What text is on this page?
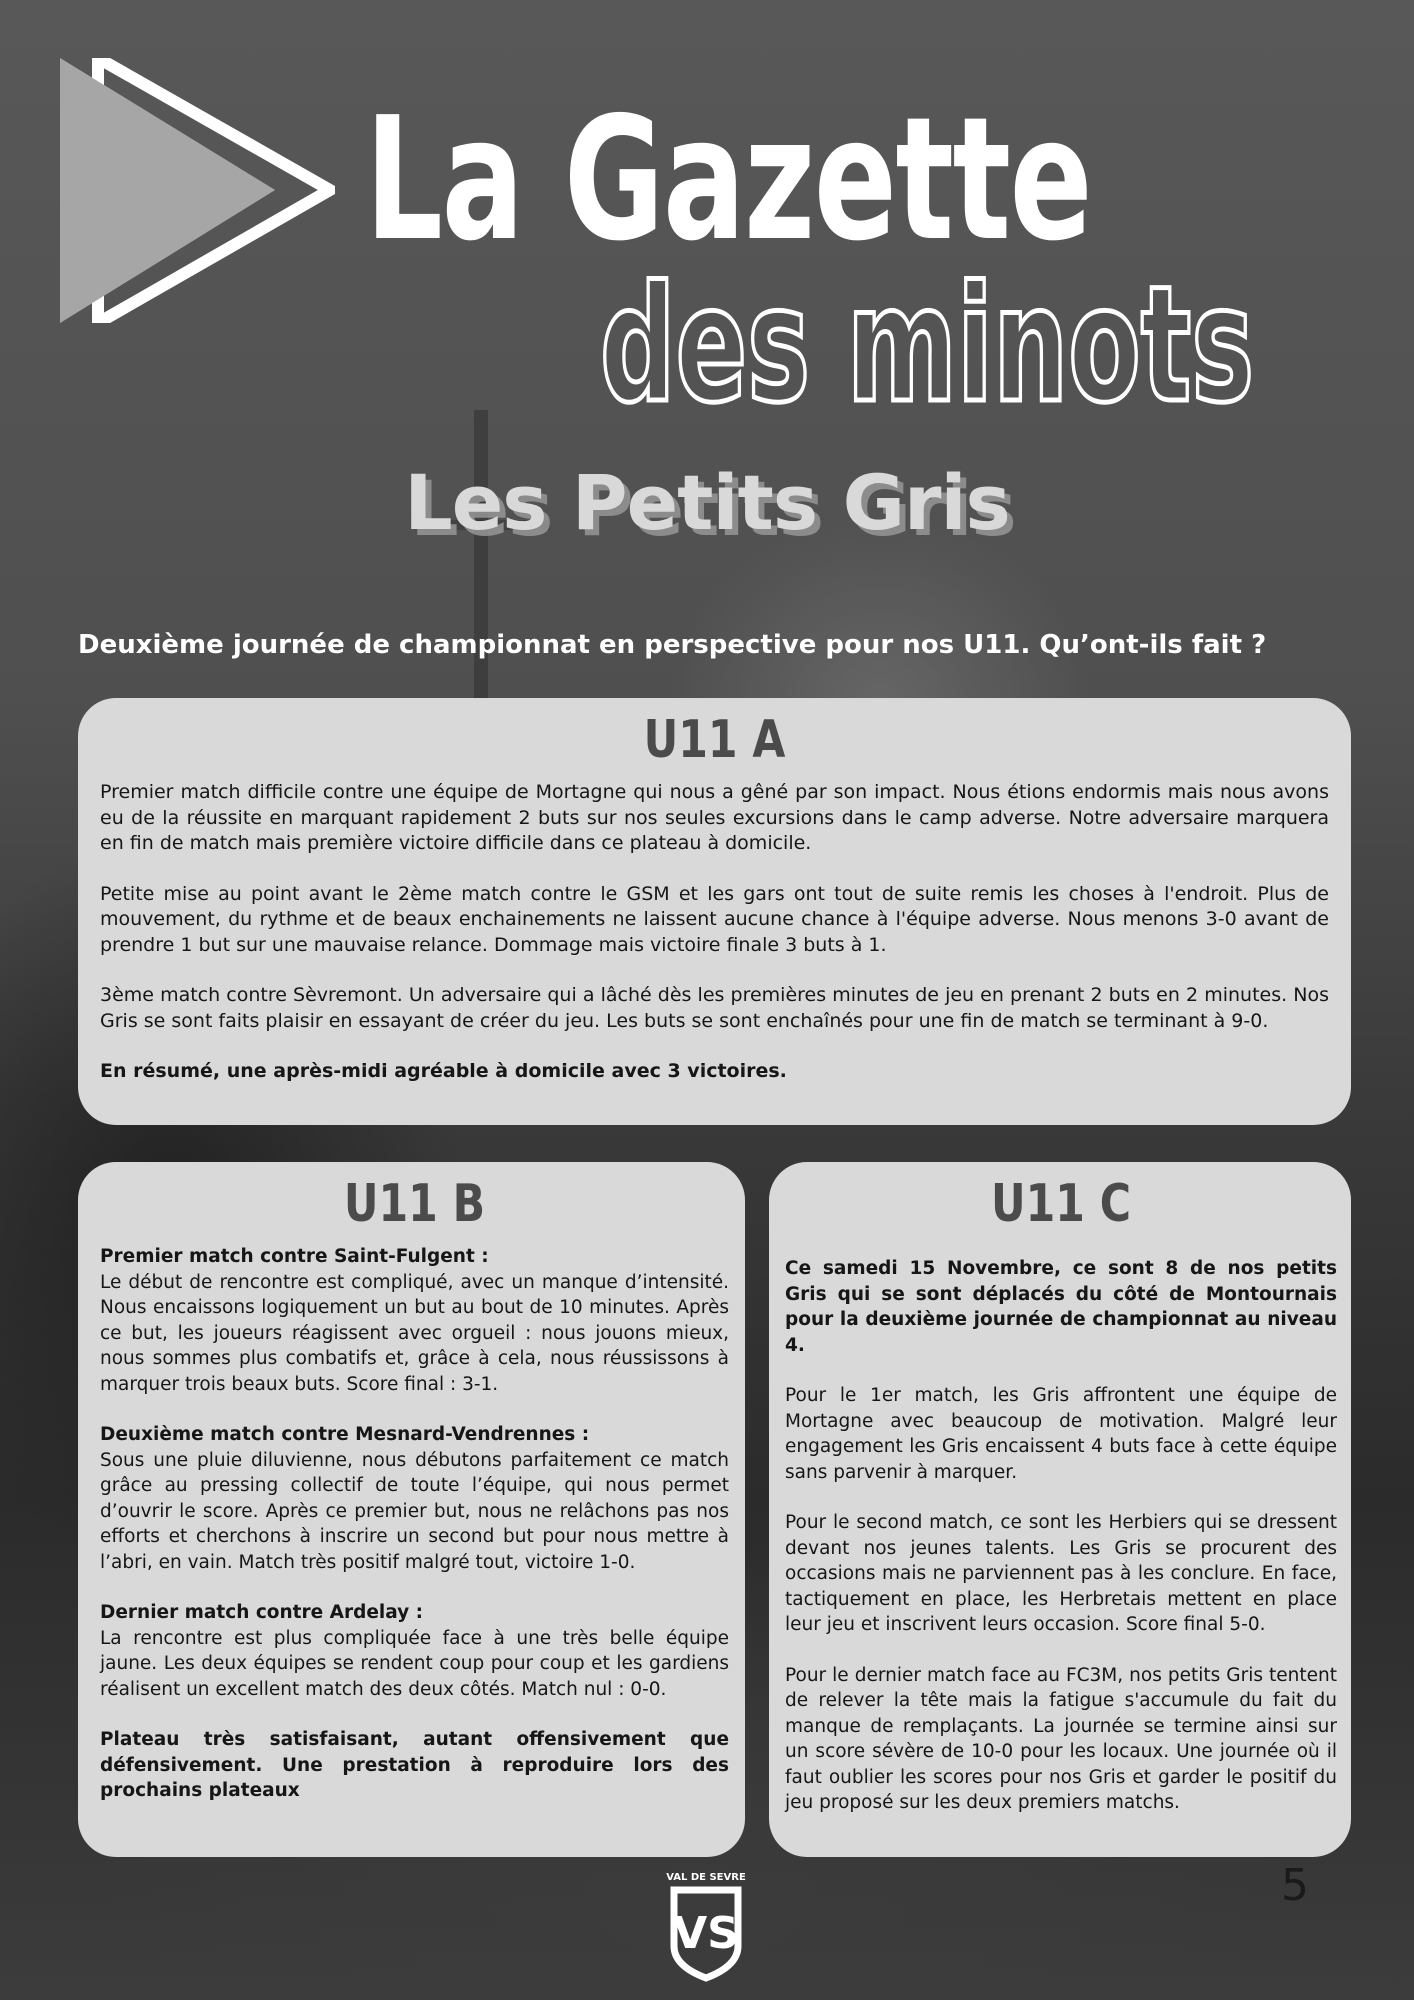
La Gazette
des minots
Les Petits Gris
Deuxième journée de championnat en perspective pour nos U11. Qu’ont-ils fait ?
U11 A

Premier match difficile contre une équipe de Mortagne qui nous a gêné par son impact. Nous étions endormis mais nous avons eu de la réussite en marquant rapidement 2 buts sur nos seules excursions dans le camp adverse. Notre adversaire marquera en fin de match mais première victoire difficile dans ce plateau à domicile.

Petite mise au point avant le 2ème match contre le GSM et les gars ont tout de suite remis les choses à l'endroit. Plus de mouvement, du rythme et de beaux enchainements ne laissent aucune chance à l'équipe adverse. Nous menons 3-0 avant de prendre 1 but sur une mauvaise relance. Dommage mais victoire finale 3 buts à 1.

3ème match contre Sèvremont. Un adversaire qui a lâché dès les premières minutes de jeu en prenant 2 buts en 2 minutes. Nos Gris se sont faits plaisir en essayant de créer du jeu. Les buts se sont enchaînés pour une fin de match se terminant à 9-0.

En résumé, une après-midi agréable à domicile avec 3 victoires.

U11 B

Premier match contre Saint-Fulgent :

Le début de rencontre est compliqué, avec un manque d’intensité. Nous encaissons logiquement un but au bout de 10 minutes. Après ce but, les joueurs réagissent avec orgueil : nous jouons mieux, nous sommes plus combatifs et, grâce à cela, nous réussissons à marquer trois beaux buts. Score final : 3-1.

Deuxième match contre Mesnard-Vendrennes :

Sous une pluie diluvienne, nous débutons parfaitement ce match grâce au pressing collectif de toute l’équipe, qui nous permet d’ouvrir le score. Après ce premier but, nous ne relâchons pas nos efforts et cherchons à inscrire un second but pour nous mettre à l’abri, en vain. Match très positif malgré tout, victoire 1-0.

Dernier match contre Ardelay :

La rencontre est plus compliquée face à une très belle équipe jaune. Les deux équipes se rendent coup pour coup et les gardiens réalisent un excellent match des deux côtés. Match nul : 0-0.

Plateau très satisfaisant, autant offensivement que défensivement. Une prestation à reproduire lors des prochains plateaux

U11 C

Ce samedi 15 Novembre, ce sont 8 de nos petits Gris qui se sont déplacés du côté de Montournais pour la deuxième journée de championnat au niveau 4.

Pour le 1er match, les Gris affrontent une équipe de Mortagne avec beaucoup de motivation. Malgré leur engagement les Gris encaissent 4 buts face à cette équipe sans parvenir à marquer.

Pour le second match, ce sont les Herbiers qui se dressent devant nos jeunes talents. Les Gris se procurent des occasions mais ne parviennent pas à les conclure. En face, tactiquement en place, les Herbretais mettent en place leur jeu et inscrivent leurs occasion. Score final 5-0.

Pour le dernier match face au FC3M, nos petits Gris tentent de relever la tête mais la fatigue s'accumule du fait du manque de remplaçants. La journée se termine ainsi sur un score sévère de 10-0 pour les locaux. Une journée où il faut oublier les scores pour nos Gris et garder le positif du jeu proposé sur les deux premiers matchs.

VAL DE SEVRE
VS
5
